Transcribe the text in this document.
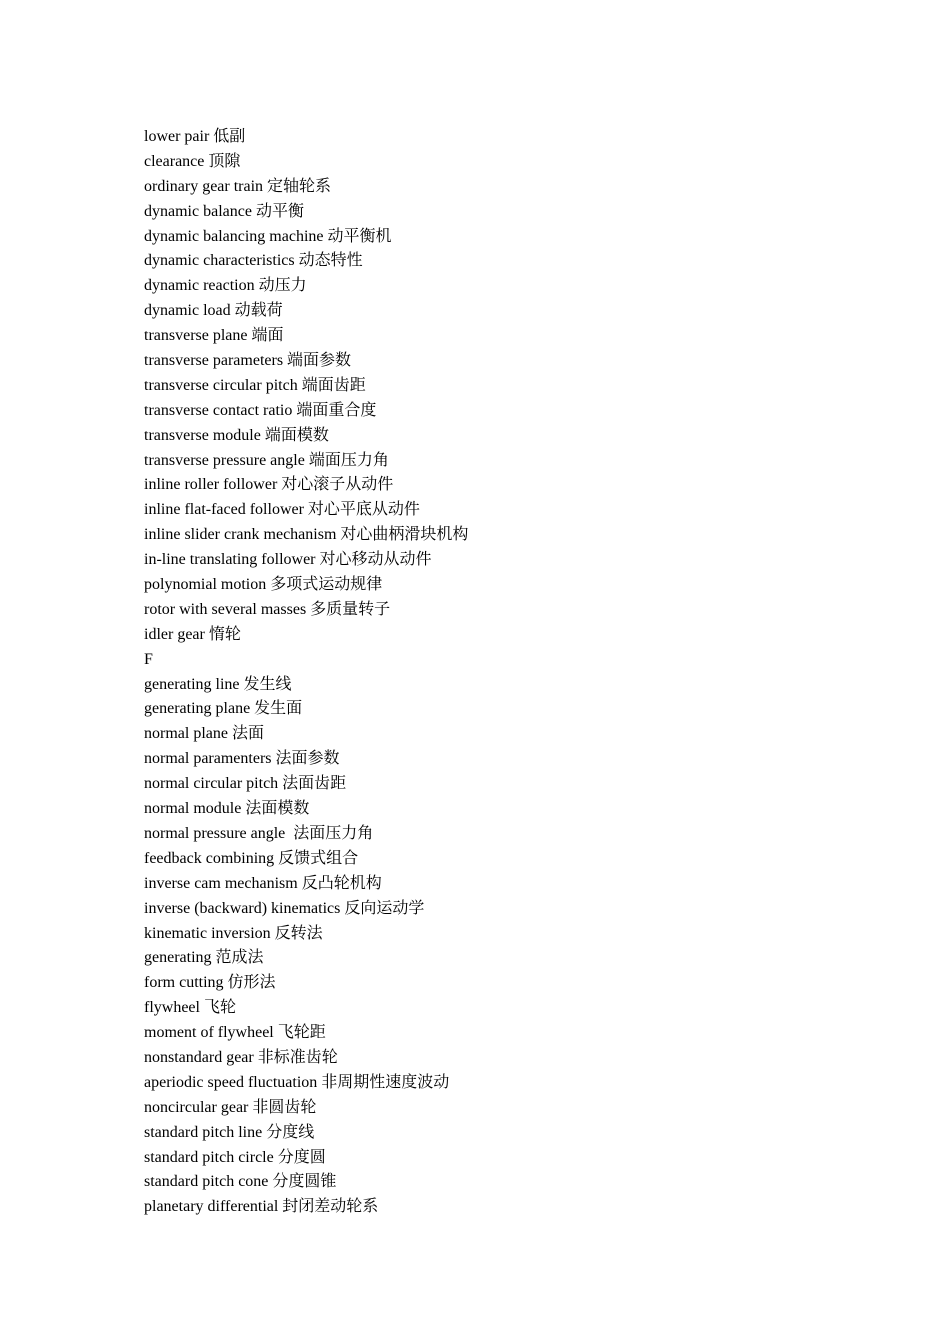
lower pair 低副
clearance 顶隙
ordinary gear train 定轴轮系
dynamic balance 动平衡
dynamic balancing machine 动平衡机
dynamic characteristics 动态特性
dynamic reaction 动压力
dynamic load 动载荷
transverse plane 端面
transverse parameters 端面参数
transverse circular pitch 端面齿距
transverse contact ratio 端面重合度
transverse module 端面模数
transverse pressure angle 端面压力角
inline roller follower 对心滚子从动件
inline flat-faced follower 对心平底从动件
inline slider crank mechanism 对心曲柄滑块机构
in-line translating follower 对心移动从动件
polynomial motion 多项式运动规律
rotor with several masses 多质量转子
idler gear 惰轮
F
generating line 发生线
generating plane 发生面
normal plane 法面
normal paramenters 法面参数
normal circular pitch 法面齿距
normal module 法面模数
normal pressure angle  法面压力角
feedback combining 反馈式组合
inverse cam mechanism 反凸轮机构
inverse (backward) kinematics 反向运动学
kinematic inversion 反转法
generating 范成法
form cutting 仿形法
flywheel 飞轮
moment of flywheel 飞轮距
nonstandard gear 非标准齿轮
aperiodic speed fluctuation 非周期性速度波动
noncircular gear 非圆齿轮
standard pitch line 分度线
standard pitch circle 分度圆
standard pitch cone 分度圆锥
planetary differential 封闭差动轮系
